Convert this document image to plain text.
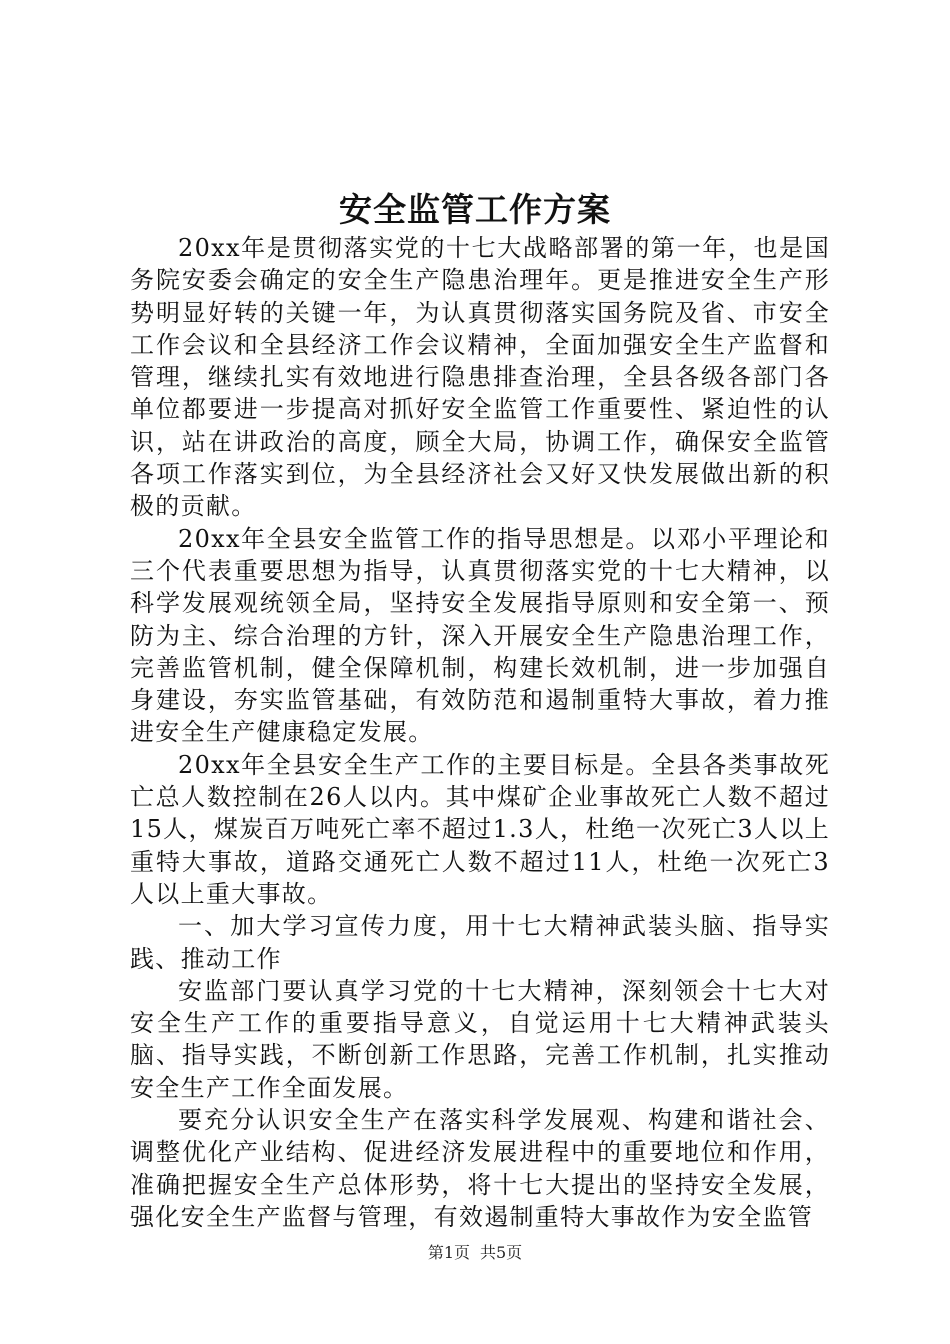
安全监管工作方案

20xx年是贯彻落实党的十七大战略部署的第一年，也是国务院安委会确定的安全生产隐患治理年。更是推进安全生产形势明显好转的关键一年，为认真贯彻落实国务院及省、市安全工作会议和全县经济工作会议精神，全面加强安全生产监督和管理，继续扎实有效地进行隐患排查治理，全县各级各部门各单位都要进一步提高对抓好安全监管工作重要性、紧迫性的认识，站在讲政治的高度，顾全大局，协调工作，确保安全监管各项工作落实到位，为全县经济社会又好又快发展做出新的积极的贡献。

20xx年全县安全监管工作的指导思想是。以邓小平理论和三个代表重要思想为指导，认真贯彻落实党的十七大精神，以科学发展观统领全局，坚持安全发展指导原则和安全第一、预防为主、综合治理的方针，深入开展安全生产隐患治理工作，完善监管机制，健全保障机制，构建长效机制，进一步加强自身建设，夯实监管基础，有效防范和遏制重特大事故，着力推进安全生产健康稳定发展。

20xx年全县安全生产工作的主要目标是。全县各类事故死亡总人数控制在26人以内。其中煤矿企业事故死亡人数不超过15人，煤炭百万吨死亡率不超过1.3人，杜绝一次死亡3人以上重特大事故，道路交通死亡人数不超过11人，杜绝一次死亡3人以上重大事故。

一、加大学习宣传力度，用十七大精神武装头脑、指导实践、推动工作

安监部门要认真学习党的十七大精神，深刻领会十七大对安全生产工作的重要指导意义，自觉运用十七大精神武装头脑、指导实践，不断创新工作思路，完善工作机制，扎实推动安全生产工作全面发展。

要充分认识安全生产在落实科学发展观、构建和谐社会、调整优化产业结构、促进经济发展进程中的重要地位和作用，准确把握安全生产总体形势，将十七大提出的坚持安全发展，强化安全生产监督与管理，有效遏制重特大事故作为安全监管

第1页 共5页
